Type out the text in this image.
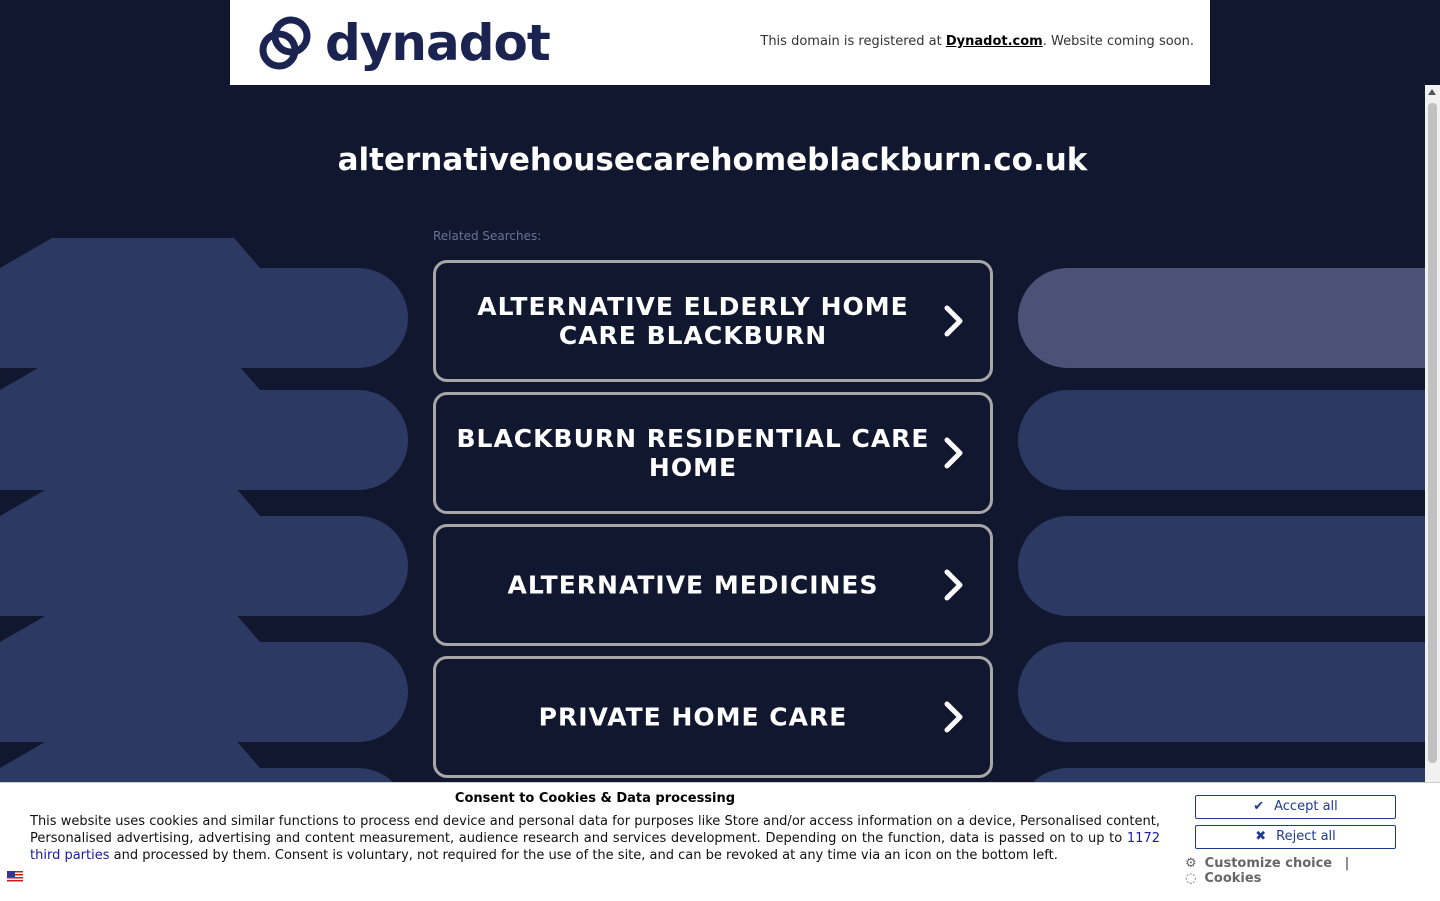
dynadot	This domain is registered at Dynadot.com. Website coming soon.
alternativehousecarehomeblackburn.co.uk
Related Searches:
ALTERNATIVE ELDERLY HOME CARE BLACKBURN
BLACKBURN RESIDENTIAL CARE HOME
ALTERNATIVE MEDICINES
PRIVATE HOME CARE
Consent to Cookies & Data processing
This website uses cookies and similar functions to process end device and personal data for purposes like Store and/or access information on a device, Personalised content, Personalised advertising, advertising and content measurement, audience research and services development. Depending on the function, data is passed on to up to 1172 third parties and processed by them. Consent is voluntary, not required for the use of the site, and can be revoked at any time via an icon on the bottom left.
✔ Accept all
✖ Reject all
⚙ Customize choice | ◌ Cookies
